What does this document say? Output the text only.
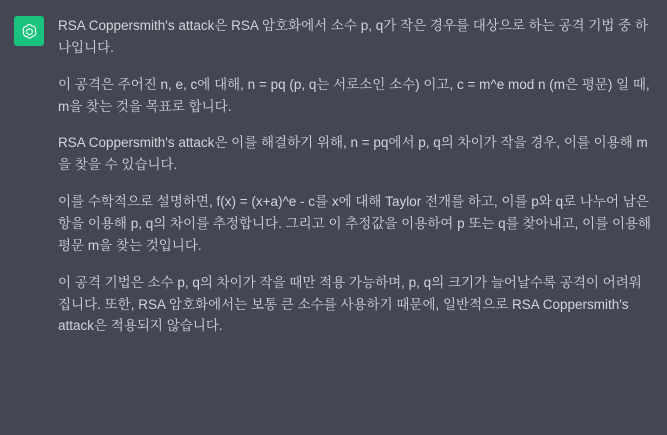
RSA Coppersmith's attack은 RSA 암호화에서 소수 p, q가 작은 경우를 대상으로 하는 공격 기법 중 하나입니다.

이 공격은 주어진 n, e, c에 대해, n = pq (p, q는 서로소인 소수) 이고, c = m^e mod n (m은 평문) 일 때, m을 찾는 것을 목표로 합니다.

RSA Coppersmith's attack은 이를 해결하기 위해, n = pq에서 p, q의 차이가 작을 경우, 이를 이용해 m을 찾을 수 있습니다.

이를 수학적으로 설명하면, f(x) = (x+a)^e - c를 x에 대해 Taylor 전개를 하고, 이를 p와 q로 나누어 남은 항을 이용해 p, q의 차이를 추정합니다. 그리고 이 추정값을 이용하여 p 또는 q를 찾아내고, 이를 이용해 평문 m을 찾는 것입니다.

이 공격 기법은 소수 p, q의 차이가 작을 때만 적용 가능하며, p, q의 크기가 늘어날수록 공격이 어려워집니다. 또한, RSA 암호화에서는 보통 큰 소수를 사용하기 때문에, 일반적으로 RSA Coppersmith's attack은 적용되지 않습니다.
